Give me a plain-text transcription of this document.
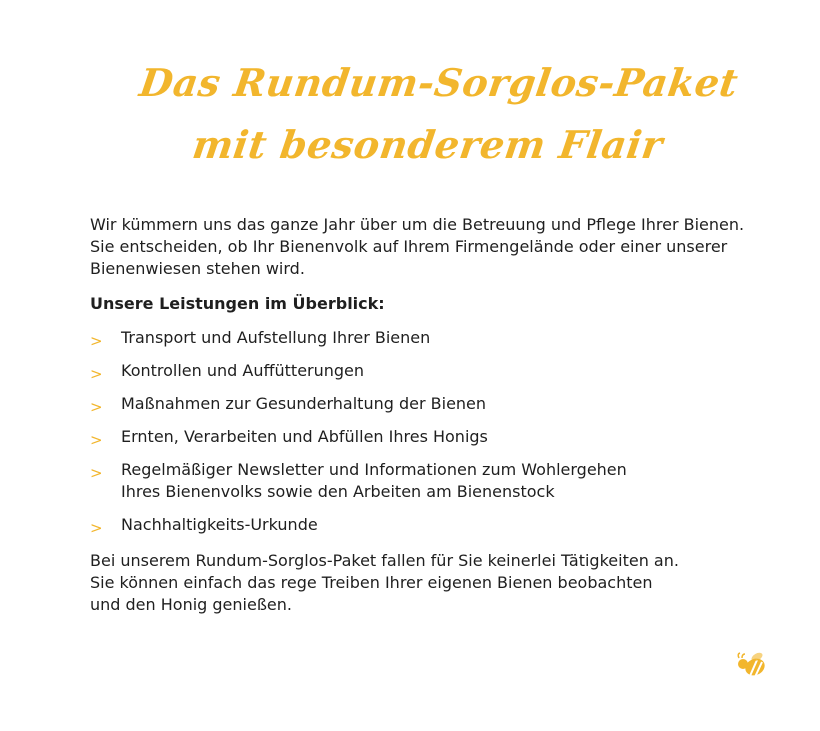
Das Rundum-Sorglos-Paket
mit besonderem Flair

Wir kümmern uns das ganze Jahr über um die Betreuung und Pflege Ihrer Bienen.

Sie entscheiden, ob Ihr Bienenvolk auf Ihrem Firmengelände oder einer unserer

Bienenwiesen stehen wird.

Unsere Leistungen im Überblick:
> Transport und Aufstellung Ihrer Bienen
> Kontrollen und Auffütterungen
> Maßnahmen zur Gesunderhaltung der Bienen
> Ernten, Verarbeiten und Abfüllen Ihres Honigs
> Regelmäßiger Newsletter und Informationen zum Wohlergehen
Ihres Bienenvolks sowie den Arbeiten am Bienenstock
> Nachhaltigkeits-Urkunde

Bei unserem Rundum-Sorglos-Paket fallen für Sie keinerlei Tätigkeiten an.

Sie können einfach das rege Treiben Ihrer eigenen Bienen beobachten

und den Honig genießen.
